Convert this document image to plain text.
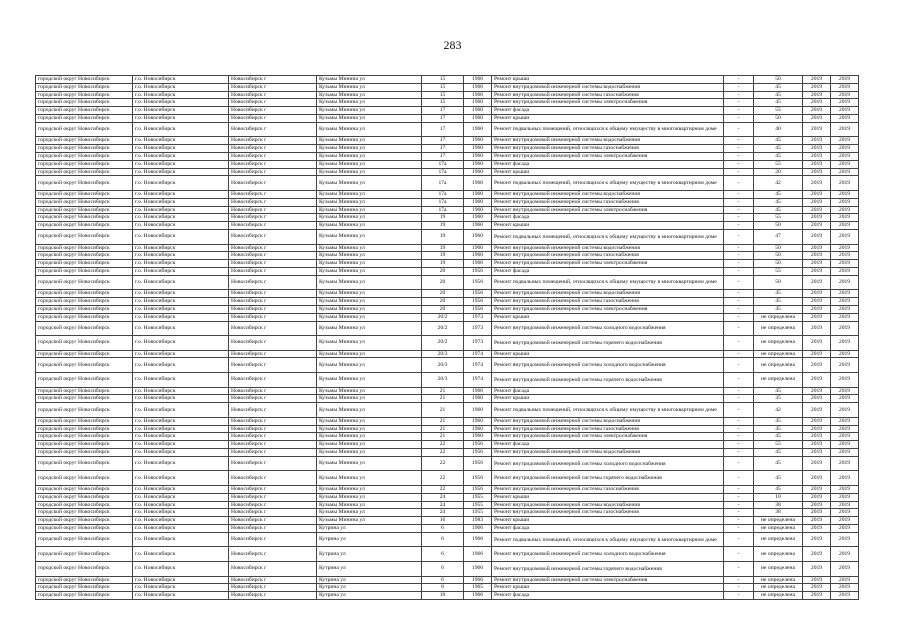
283
городской округ Новосибирск	г.о. Новосибирск	Новосибирск г	Кузьмы Минина ул	15	1960	Ремонт крыши	-	50	2019	2019
городской округ Новосибирск	г.о. Новосибирск	Новосибирск г	Кузьмы Минина ул	15	1960	Ремонт внутридомовой инженерной системы водоснабжения	-	45	2019	2019
городской округ Новосибирск	г.о. Новосибирск	Новосибирск г	Кузьмы Минина ул	15	1960	Ремонт внутридомовой инженерной системы газоснабжения	-	45	2019	2019
городской округ Новосибирск	г.о. Новосибирск	Новосибирск г	Кузьмы Минина ул	15	1960	Ремонт внутридомовой инженерной системы электроснабжения	-	45	2019	2019
городской округ Новосибирск	г.о. Новосибирск	Новосибирск г	Кузьмы Минина ул	17	1960	Ремонт фасада	-	55	2019	2019
городской округ Новосибирск	г.о. Новосибирск	Новосибирск г	Кузьмы Минина ул	17	1960	Ремонт крыши	-	50	2019	2019
городской округ Новосибирск	г.о. Новосибирск	Новосибирск г	Кузьмы Минина ул	17	1960	Ремонт подвальных помещений, относящихся к общему имуществу в многоквартирном доме	-	40	2019	2019
городской округ Новосибирск	г.о. Новосибирск	Новосибирск г	Кузьмы Минина ул	17	1960	Ремонт внутридомовой инженерной системы водоснабжения	-	45	2019	2019
городской округ Новосибирск	г.о. Новосибирск	Новосибирск г	Кузьмы Минина ул	17	1960	Ремонт внутридомовой инженерной системы газоснабжения	-	45	2019	2019
городской округ Новосибирск	г.о. Новосибирск	Новосибирск г	Кузьмы Минина ул	17	1960	Ремонт внутридомовой инженерной системы электроснабжения	-	45	2019	2019
городской округ Новосибирск	г.о. Новосибирск	Новосибирск г	Кузьмы Минина ул	17а	1960	Ремонт фасада	-	55	2019	2019
городской округ Новосибирск	г.о. Новосибирск	Новосибирск г	Кузьмы Минина ул	17а	1960	Ремонт крыши	-	20	2019	2019
городской округ Новосибирск	г.о. Новосибирск	Новосибирск г	Кузьмы Минина ул	17а	1960	Ремонт подвальных помещений, относящихся к общему имуществу в многоквартирном доме	-	42	2019	2019
городской округ Новосибирск	г.о. Новосибирск	Новосибирск г	Кузьмы Минина ул	17а	1960	Ремонт внутридомовой инженерной системы водоснабжения	-	45	2019	2019
городской округ Новосибирск	г.о. Новосибирск	Новосибирск г	Кузьмы Минина ул	17а	1960	Ремонт внутридомовой инженерной системы газоснабжения	-	45	2019	2019
городской округ Новосибирск	г.о. Новосибирск	Новосибирск г	Кузьмы Минина ул	17а	1960	Ремонт внутридомовой инженерной системы электроснабжения	-	45	2019	2019
городской округ Новосибирск	г.о. Новосибирск	Новосибирск г	Кузьмы Минина ул	19	1960	Ремонт фасада	-	55	2019	2019
городской округ Новосибирск	г.о. Новосибирск	Новосибирск г	Кузьмы Минина ул	19	1960	Ремонт крыши	-	50	2019	2019
городской округ Новосибирск	г.о. Новосибирск	Новосибирск г	Кузьмы Минина ул	19	1960	Ремонт подвальных помещений, относящихся к общему имуществу в многоквартирном доме	-	47	2019	2019
городской округ Новосибирск	г.о. Новосибирск	Новосибирск г	Кузьмы Минина ул	19	1960	Ремонт внутридомовой инженерной системы водоснабжения	-	50	2019	2019
городской округ Новосибирск	г.о. Новосибирск	Новосибирск г	Кузьмы Минина ул	19	1960	Ремонт внутридомовой инженерной системы газоснабжения	-	50	2019	2019
городской округ Новосибирск	г.о. Новосибирск	Новосибирск г	Кузьмы Минина ул	19	1960	Ремонт внутридомовой инженерной системы электроснабжения	-	50	2019	2019
городской округ Новосибирск	г.о. Новосибирск	Новосибирск г	Кузьмы Минина ул	20	1956	Ремонт фасада	-	55	2019	2019
городской округ Новосибирск	г.о. Новосибирск	Новосибирск г	Кузьмы Минина ул	20	1956	Ремонт подвальных помещений, относящихся к общему имуществу в многоквартирном доме	-	50	2019	2019
городской округ Новосибирск	г.о. Новосибирск	Новосибирск г	Кузьмы Минина ул	20	1956	Ремонт внутридомовой инженерной системы водоснабжения	-	45	2019	2019
городской округ Новосибирск	г.о. Новосибирск	Новосибирск г	Кузьмы Минина ул	20	1956	Ремонт внутридомовой инженерной системы газоснабжения	-	45	2019	2019
городской округ Новосибирск	г.о. Новосибирск	Новосибирск г	Кузьмы Минина ул	20	1956	Ремонт внутридомовой инженерной системы электроснабжения	-	45	2019	2019
городской округ Новосибирск	г.о. Новосибирск	Новосибирск г	Кузьмы Минина ул	20/2	1973	Ремонт крыши	-	не определена	2019	2019
городской округ Новосибирск	г.о. Новосибирск	Новосибирск г	Кузьмы Минина ул	20/2	1973	Ремонт внутридомовой инженерной системы холодного водоснабжения	-	не определена	2019	2019
городской округ Новосибирск	г.о. Новосибирск	Новосибирск г	Кузьмы Минина ул	20/2	1973	Ремонт внутридомовой инженерной системы горячего водоснабжения	-	не определена	2019	2019
городской округ Новосибирск	г.о. Новосибирск	Новосибирск г	Кузьмы Минина ул	20/3	1974	Ремонт крыши	-	не определена	2019	2019
городской округ Новосибирск	г.о. Новосибирск	Новосибирск г	Кузьмы Минина ул	20/3	1974	Ремонт внутридомовой инженерной системы холодного водоснабжения	-	не определена	2019	2019
городской округ Новосибирск	г.о. Новосибирск	Новосибирск г	Кузьмы Минина ул	20/3	1974	Ремонт внутридомовой инженерной системы горячего водоснабжения	-	не определена	2019	2019
городской округ Новосибирск	г.о. Новосибирск	Новосибирск г	Кузьмы Минина ул	21	1960	Ремонт фасада	-	45	2019	2019
городской округ Новосибирск	г.о. Новосибирск	Новосибирск г	Кузьмы Минина ул	21	1960	Ремонт крыши	-	35	2019	2019
городской округ Новосибирск	г.о. Новосибирск	Новосибирск г	Кузьмы Минина ул	21	1960	Ремонт подвальных помещений, относящихся к общему имуществу в многоквартирном доме	-	42	2019	2019
городской округ Новосибирск	г.о. Новосибирск	Новосибирск г	Кузьмы Минина ул	21	1960	Ремонт внутридомовой инженерной системы водоснабжения	-	45	2019	2019
городской округ Новосибирск	г.о. Новосибирск	Новосибирск г	Кузьмы Минина ул	21	1960	Ремонт внутридомовой инженерной системы газоснабжения	-	45	2019	2019
городской округ Новосибирск	г.о. Новосибирск	Новосибирск г	Кузьмы Минина ул	21	1960	Ремонт внутридомовой инженерной системы электроснабжения	-	45	2019	2019
городской округ Новосибирск	г.о. Новосибирск	Новосибирск г	Кузьмы Минина ул	22	1956	Ремонт фасада	-	55	2019	2019
городской округ Новосибирск	г.о. Новосибирск	Новосибирск г	Кузьмы Минина ул	22	1956	Ремонт внутридомовой инженерной системы водоснабжения	-	45	2019	2019
городской округ Новосибирск	г.о. Новосибирск	Новосибирск г	Кузьмы Минина ул	22	1956	Ремонт внутридомовой инженерной системы холодного водоснабжения	-	45	2019	2019
городской округ Новосибирск	г.о. Новосибирск	Новосибирск г	Кузьмы Минина ул	22	1956	Ремонт внутридомовой инженерной системы горячего водоснабжения	-	45	2019	2019
городской округ Новосибирск	г.о. Новосибирск	Новосибирск г	Кузьмы Минина ул	22	1956	Ремонт внутридомовой инженерной системы газоснабжения	-	45	2019	2019
городской округ Новосибирск	г.о. Новосибирск	Новосибирск г	Кузьмы Минина ул	24	1955	Ремонт крыши	-	10	2019	2019
городской округ Новосибирск	г.о. Новосибирск	Новосибирск г	Кузьмы Минина ул	24	1955	Ремонт внутридомовой инженерной системы водоснабжения	-	38	2019	2019
городской округ Новосибирск	г.о. Новосибирск	Новосибирск г	Кузьмы Минина ул	24	1955	Ремонт внутридомовой инженерной системы газоснабжения	-	38	2019	2019
городской округ Новосибирск	г.о. Новосибирск	Новосибирск г	Кузьмы Минина ул	16	1983	Ремонт крыши	-	не определена	2019	2019
городской округ Новосибирск	г.о. Новосибирск	Новосибирск г	Кутрина ул	6	1966	Ремонт фасада	-	не определена	2019	2019
городской округ Новосибирск	г.о. Новосибирск	Новосибирск г	Кутрина ул	6	1966	Ремонт подвальных помещений, относящихся к общему имуществу в многоквартирном доме	-	не определена	2019	2019
городской округ Новосибирск	г.о. Новосибирск	Новосибирск г	Кутрина ул	6	1966	Ремонт внутридомовой инженерной системы холодного водоснабжения	-	не определена	2019	2019
городской округ Новосибирск	г.о. Новосибирск	Новосибирск г	Кутрина ул	6	1966	Ремонт внутридомовой инженерной системы горячего водоснабжения	-	не определена	2019	2019
городской округ Новосибирск	г.о. Новосибирск	Новосибирск г	Кутрина ул	6	1966	Ремонт внутридомовой инженерной системы электроснабжения	-	не определена	2019	2019
городской округ Новосибирск	г.о. Новосибирск	Новосибирск г	Кутрина ул	8	1965	Ремонт крыши	-	не определена	2019	2019
городской округ Новосибирск	г.о. Новосибирск	Новосибирск г	Кутрина ул	10	1966	Ремонт фасада	-	не определена	2019	2019
